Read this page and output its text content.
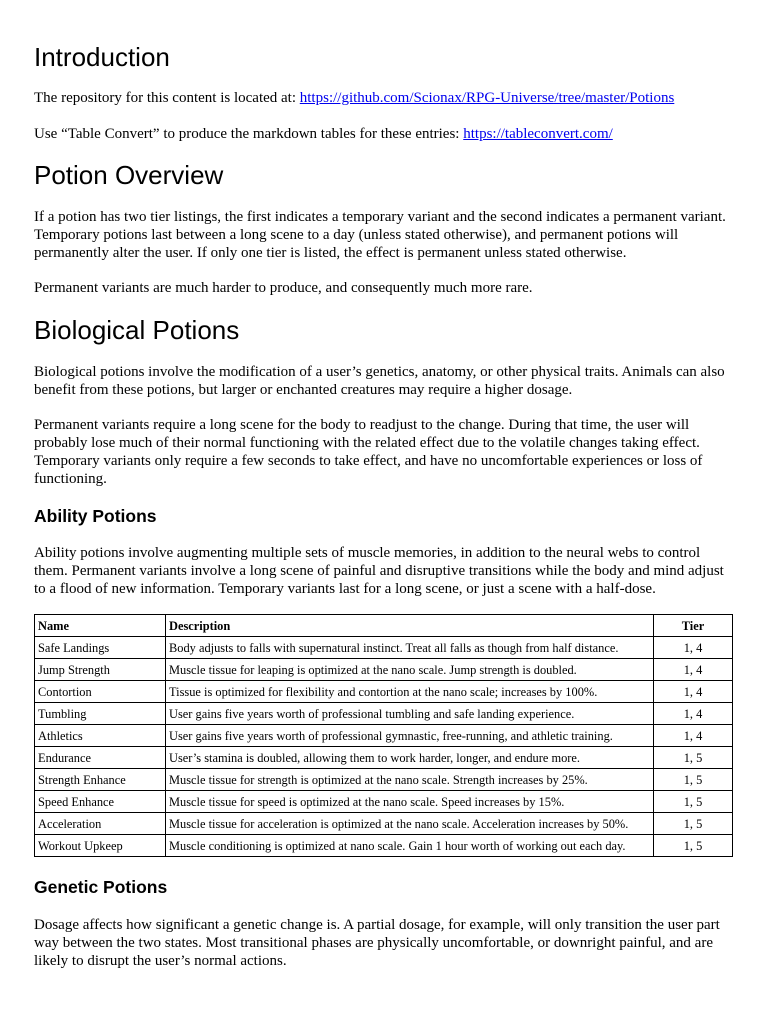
Introduction

The repository for this content is located at: https://github.com/Scionax/RPG-Universe/tree/master/Potions

Use “Table Convert” to produce the markdown tables for these entries: https://tableconvert.com/

Potion Overview

If a potion has two tier listings, the first indicates a temporary variant and the second indicates a permanent variant. Temporary potions last between a long scene to a day (unless stated otherwise), and permanent potions will permanently alter the user. If only one tier is listed, the effect is permanent unless stated otherwise.

Permanent variants are much harder to produce, and consequently much more rare.

Biological Potions

Biological potions involve the modification of a user’s genetics, anatomy, or other physical traits. Animals can also benefit from these potions, but larger or enchanted creatures may require a higher dosage.

Permanent variants require a long scene for the body to readjust to the change. During that time, the user will probably lose much of their normal functioning with the related effect due to the volatile changes taking effect. Temporary variants only require a few seconds to take effect, and have no uncomfortable experiences or loss of functioning.

Ability Potions

Ability potions involve augmenting multiple sets of muscle memories, in addition to the neural webs to control them. Permanent variants involve a long scene of painful and disruptive transitions while the body and mind adjust to a flood of new information. Temporary variants last for a long scene, or just a scene with a half-dose.

Name	Description	Tier
Safe Landings	Body adjusts to falls with supernatural instinct. Treat all falls as though from half distance.	1, 4
Jump Strength	Muscle tissue for leaping is optimized at the nano scale. Jump strength is doubled.	1, 4
Contortion	Tissue is optimized for flexibility and contortion at the nano scale; increases by 100%.	1, 4
Tumbling	User gains five years worth of professional tumbling and safe landing experience.	1, 4
Athletics	User gains five years worth of professional gymnastic, free-running, and athletic training.	1, 4
Endurance	User’s stamina is doubled, allowing them to work harder, longer, and endure more.	1, 5
Strength Enhance	Muscle tissue for strength is optimized at the nano scale. Strength increases by 25%.	1, 5
Speed Enhance	Muscle tissue for speed is optimized at the nano scale. Speed increases by 15%.	1, 5
Acceleration	Muscle tissue for acceleration is optimized at the nano scale. Acceleration increases by 50%.	1, 5
Workout Upkeep	Muscle conditioning is optimized at nano scale. Gain 1 hour worth of working out each day.	1, 5
Genetic Potions

Dosage affects how significant a genetic change is. A partial dosage, for example, will only transition the user part way between the two states. Most transitional phases are physically uncomfortable, or downright painful, and are likely to disrupt the user’s normal actions.
